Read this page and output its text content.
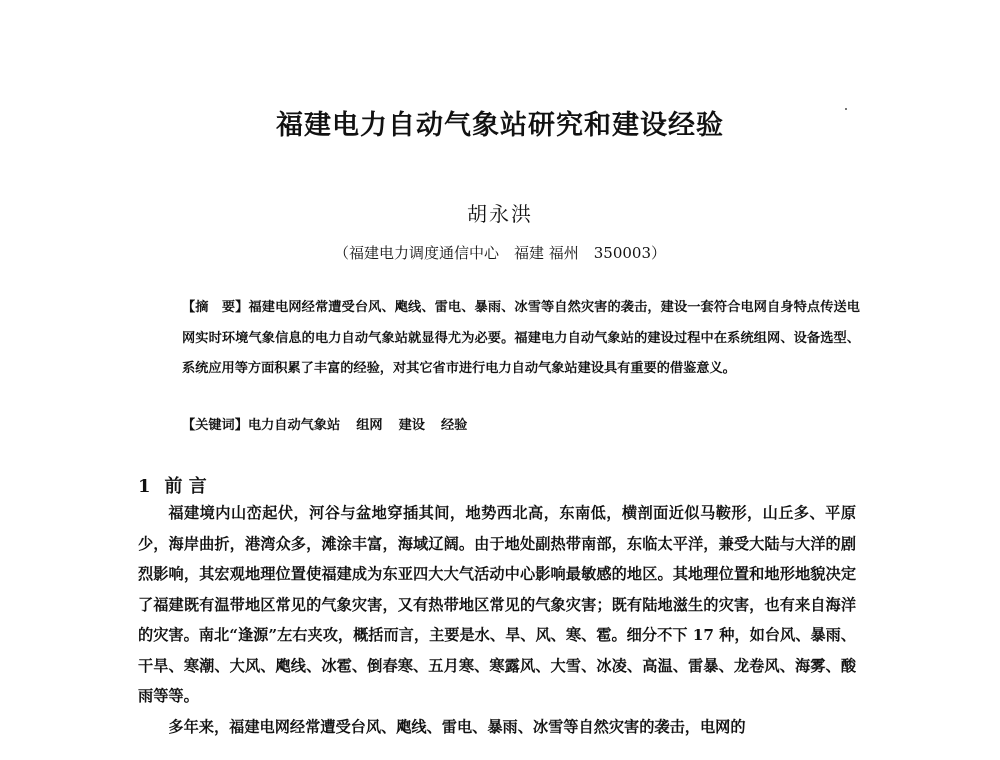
福建电力自动气象站研究和建设经验
胡永洪
（福建电力调度通信中心　福建 福州　350003）
【摘　要】福建电网经常遭受台风、飑线、雷电、暴雨、冰雪等自然灾害的袭击，建设一套符合电网自身特点传送电网实时环境气象信息的电力自动气象站就显得尤为必要。福建电力自动气象站的建设过程中在系统组网、设备选型、系统应用等方面积累了丰富的经验，对其它省市进行电力自动气象站建设具有重要的借鉴意义。
【关键词】电力自动气象站 组网 建设 经验
1 前 言

福建境内山峦起伏，河谷与盆地穿插其间，地势西北高，东南低，横剖面近似马鞍形，山丘多、平原少，海岸曲折，港湾众多，滩涂丰富，海域辽阔。由于地处副热带南部，东临太平洋，兼受大陆与大洋的剧烈影响，其宏观地理位置使福建成为东亚四大大气活动中心影响最敏感的地区。其地理位置和地形地貌决定了福建既有温带地区常见的气象灾害，又有热带地区常见的气象灾害；既有陆地滋生的灾害，也有来自海洋的灾害。南北“逢源”左右夹攻，概括而言，主要是水、旱、风、寒、雹。细分不下 17 种，如台风、暴雨、干旱、寒潮、大风、飑线、冰雹、倒春寒、五月寒、寒露风、大雪、冰凌、高温、雷暴、龙卷风、海雾、酸雨等等。

多年来，福建电网经常遭受台风、飑线、雷电、暴雨、冰雪等自然灾害的袭击，电网的
